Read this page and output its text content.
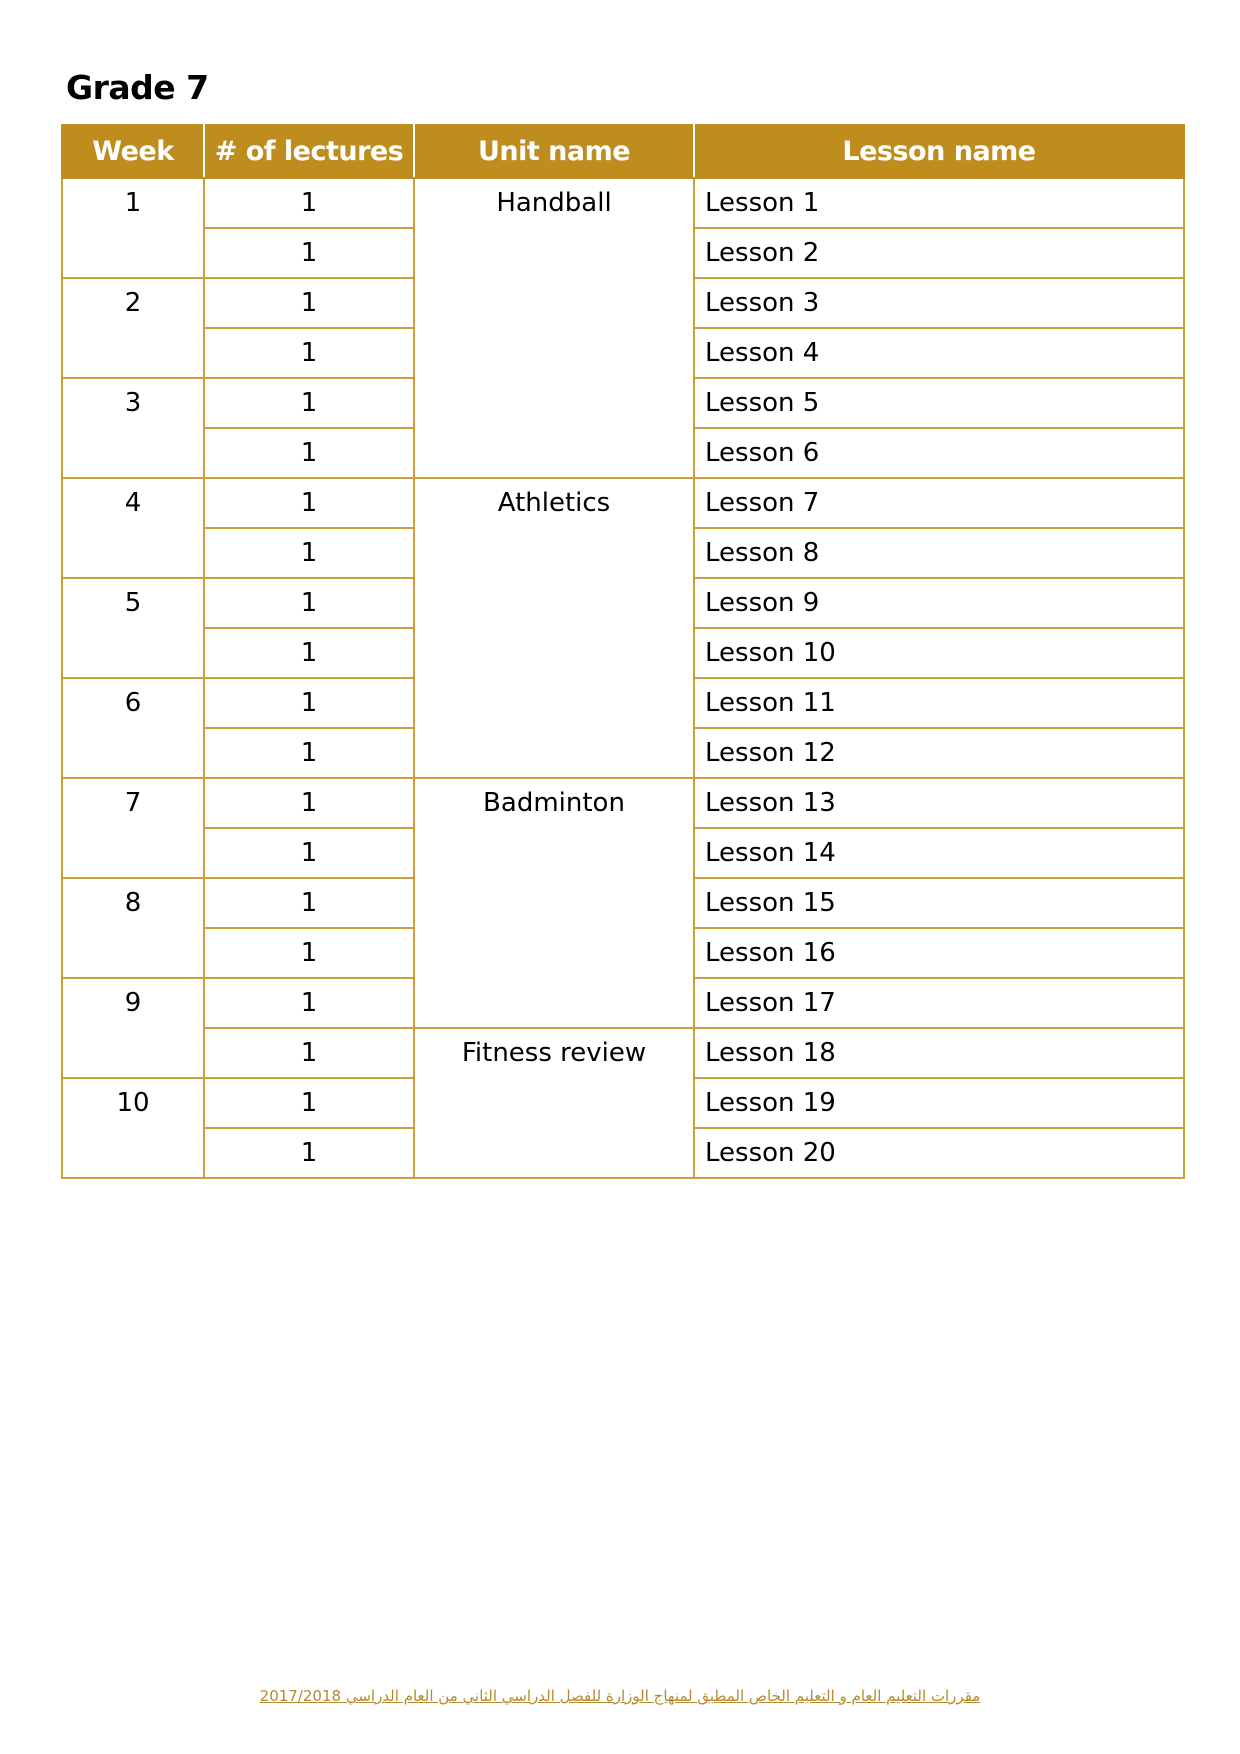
Grade 7
Week	# of lectures	Unit name	Lesson name
1	1	Handball	Lesson 1
	1		Lesson 2
2	1		Lesson 3
	1		Lesson 4
3	1		Lesson 5
	1		Lesson 6
4	1	Athletics	Lesson 7
	1		Lesson 8
5	1		Lesson 9
	1		Lesson 10
6	1		Lesson 11
	1		Lesson 12
7	1	Badminton	Lesson 13
	1		Lesson 14
8	1		Lesson 15
	1		Lesson 16
9	1		Lesson 17
	1	Fitness review	Lesson 18
10	1		Lesson 19
	1		Lesson 20
مقررات التعليم العام و التعليم الخاص المطبق لمنهاج الوزارة للفصل الدراسي الثاني من العام الدراسي 2017/2018
